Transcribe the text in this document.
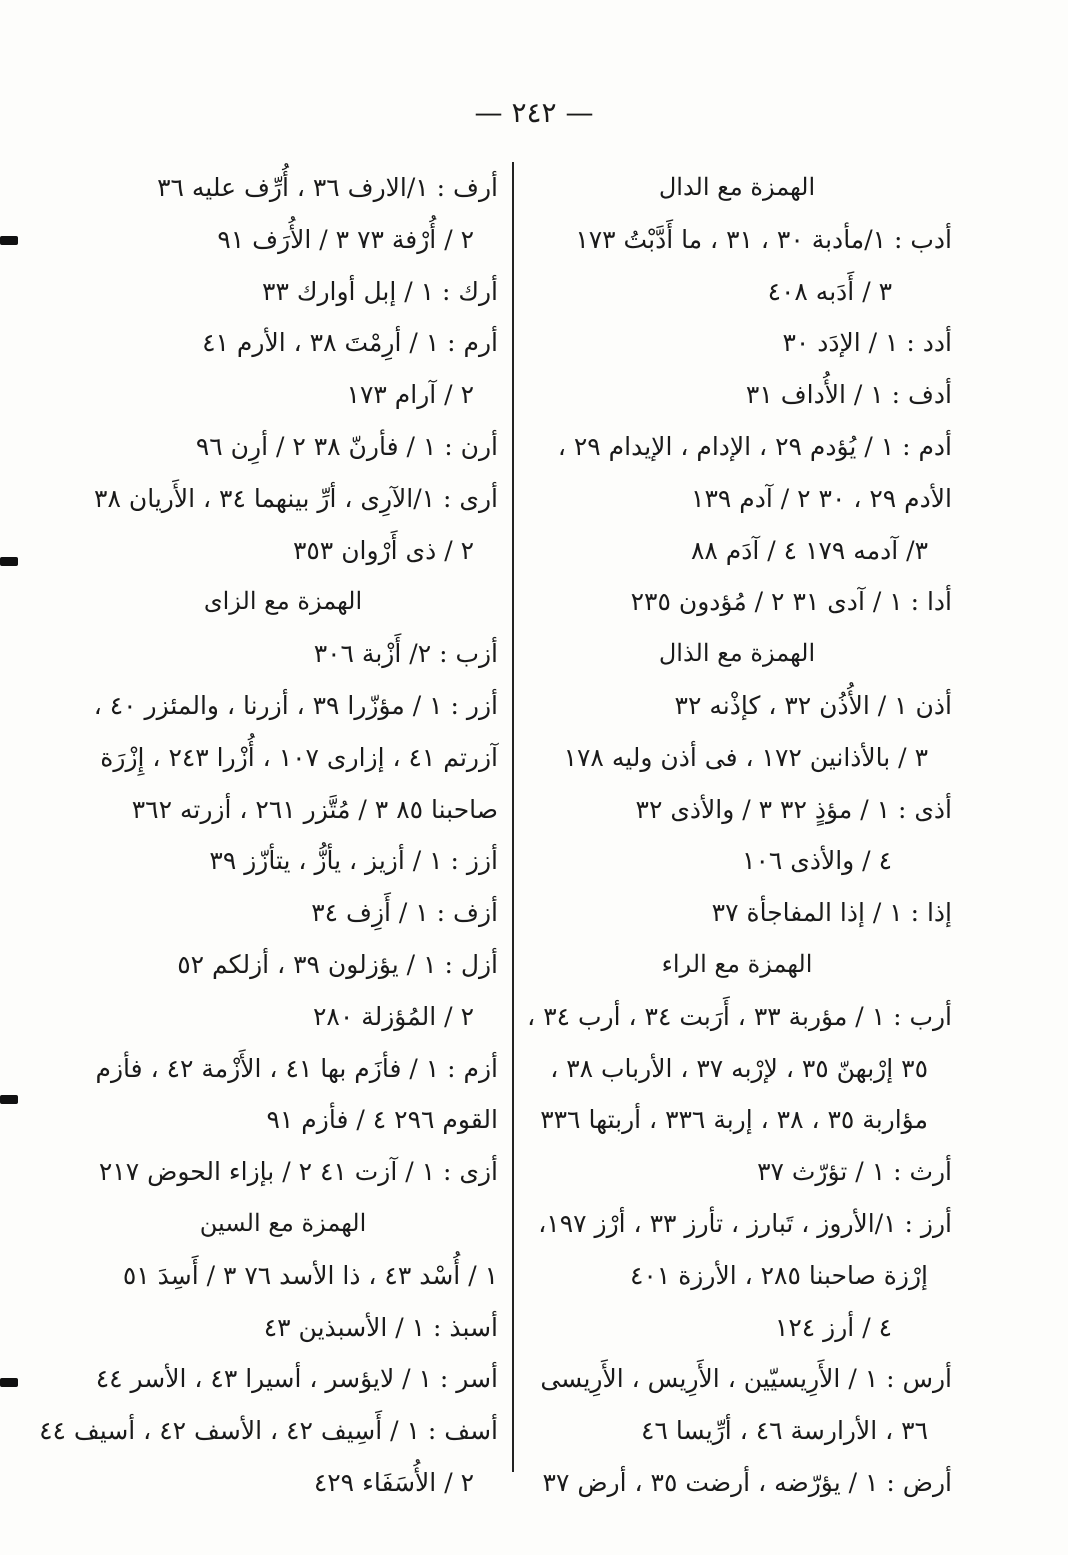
— ٢٤٢ —
الهمزة مع الدال
أدب : ١/مأدبة ٣٠ ، ٣١ ، ما أَدَّبْتُ ١٧٣
٣ / أَدَبه ٤٠٨
أدد : ١ / الإدَد ٣٠
أدف : ١ / الأُداف ٣١
أدم : ١ / يُؤدم ٢٩ ، الإدام ، الإيدام ٢٩ ،
الأدم ٢٩ ، ٣٠ ٢ / آدم ١٣٩
٣/ آدمه ١٧٩ ٤ / آدَم ٨٨
أدا : ١ / آدى ٣١ ٢ / مُؤدون ٢٣٥
الهمزة مع الذال
أذن ١ / الأُذُن ٣٢ ، كإذْنه ٣٢
٣ / بالأذانين ١٧٢ ، فى أذن وليه ١٧٨
أذى : ١ / مؤذٍ ٣٢ ٣ / والأذى ٣٢
٤ / والأذى ١٠٦
إذا : ١ / إذا المفاجأة ٣٧
الهمزة مع الراء
أرب : ١ / مؤربة ٣٣ ، أَرَبت ٣٤ ، أرب ٣٤ ،
٣٥ إرْبهنّ ٣٥ ، لإرْبه ٣٧ ، الأرباب ٣٨ ،
مؤاربة ٣٥ ، ٣٨ ، إربة ٣٣٦ ، أربتها ٣٣٦
أرث : ١ / تؤرّث ٣٧
أرز : ١/الأروز ، تَبارز ، تأرز ٣٣ ، أرْز ١٩٧،
إرْزة صاحبنا ٢٨٥ ، الأرزة ٤٠١
٤ / أرز ١٢٤
أرس : ١ / الأَرِيسيّين ، الأَرِيس ، الأَرِيسى
٣٦ ، الأرارسة ٤٦ ، أرِّيسا ٤٦
أرض : ١ / يؤرّضه ، أرضت ٣٥ ، أرض ٣٧
أرف : ١/الارف ٣٦ ، أُرِّف عليه ٣٦
٢ / أُرْفة ٧٣ ٣ / الأُرَف ٩١
أرك : ١ / إبل أوارك ٣٣
أرم : ١ / أرِمْتَ ٣٨ ، الأرم ٤١
٢ / آرام ١٧٣
أرن : ١ / فأرنّ ٣٨ ٢ / أرِن ٩٦
أرى : ١/الآرِى ، أرِّ بينهما ٣٤ ، الأَريان ٣٨
٢ / ذى أَرْوان ٣٥٣
الهمزة مع الزاى
أزب : ٢/ أَزْبة ٣٠٦
أزر : ١ / مؤزّرا ٣٩ ، أزرنا ، والمئزر ٤٠ ،
آزرتم ٤١ ، إزارى ١٠٧ ، أُزْرا ٢٤٣ ، إِزْرَة
صاحبنا ٨٥ ٣ / مُتَّزر ٢٦١ ، أزرته ٣٦٢
أزز : ١ / أزيز ، يأزُّ ، يتأزّز ٣٩
أزف : ١ / أَزِف ٣٤
أزل : ١ / يؤزلون ٣٩ ، أزلكم ٥٢
٢ / المُؤزلة ٢٨٠
أزم : ١ / فأزَم بها ٤١ ، الأَزْمة ٤٢ ، فأزم
القوم ٢٩٦ ٤ / فأزم ٩١
أزى : ١ / آزت ٤١ ٢ / بإزاء الحوض ٢١٧
الهمزة مع السين
١ / أُسْد ٤٣ ، ذا الأسد ٧٦ ٣ / أَسِدَ ٥١
أسبذ : ١ / الأسبذين ٤٣
أسر : ١ / لايؤسر ، أسيرا ٤٣ ، الأسر ٤٤
أسف : ١ / أَسِيف ٤٢ ، الأسف ٤٢ ، أسيف ٤٤
٢ / الأُسَفَاء ٤٢٩
